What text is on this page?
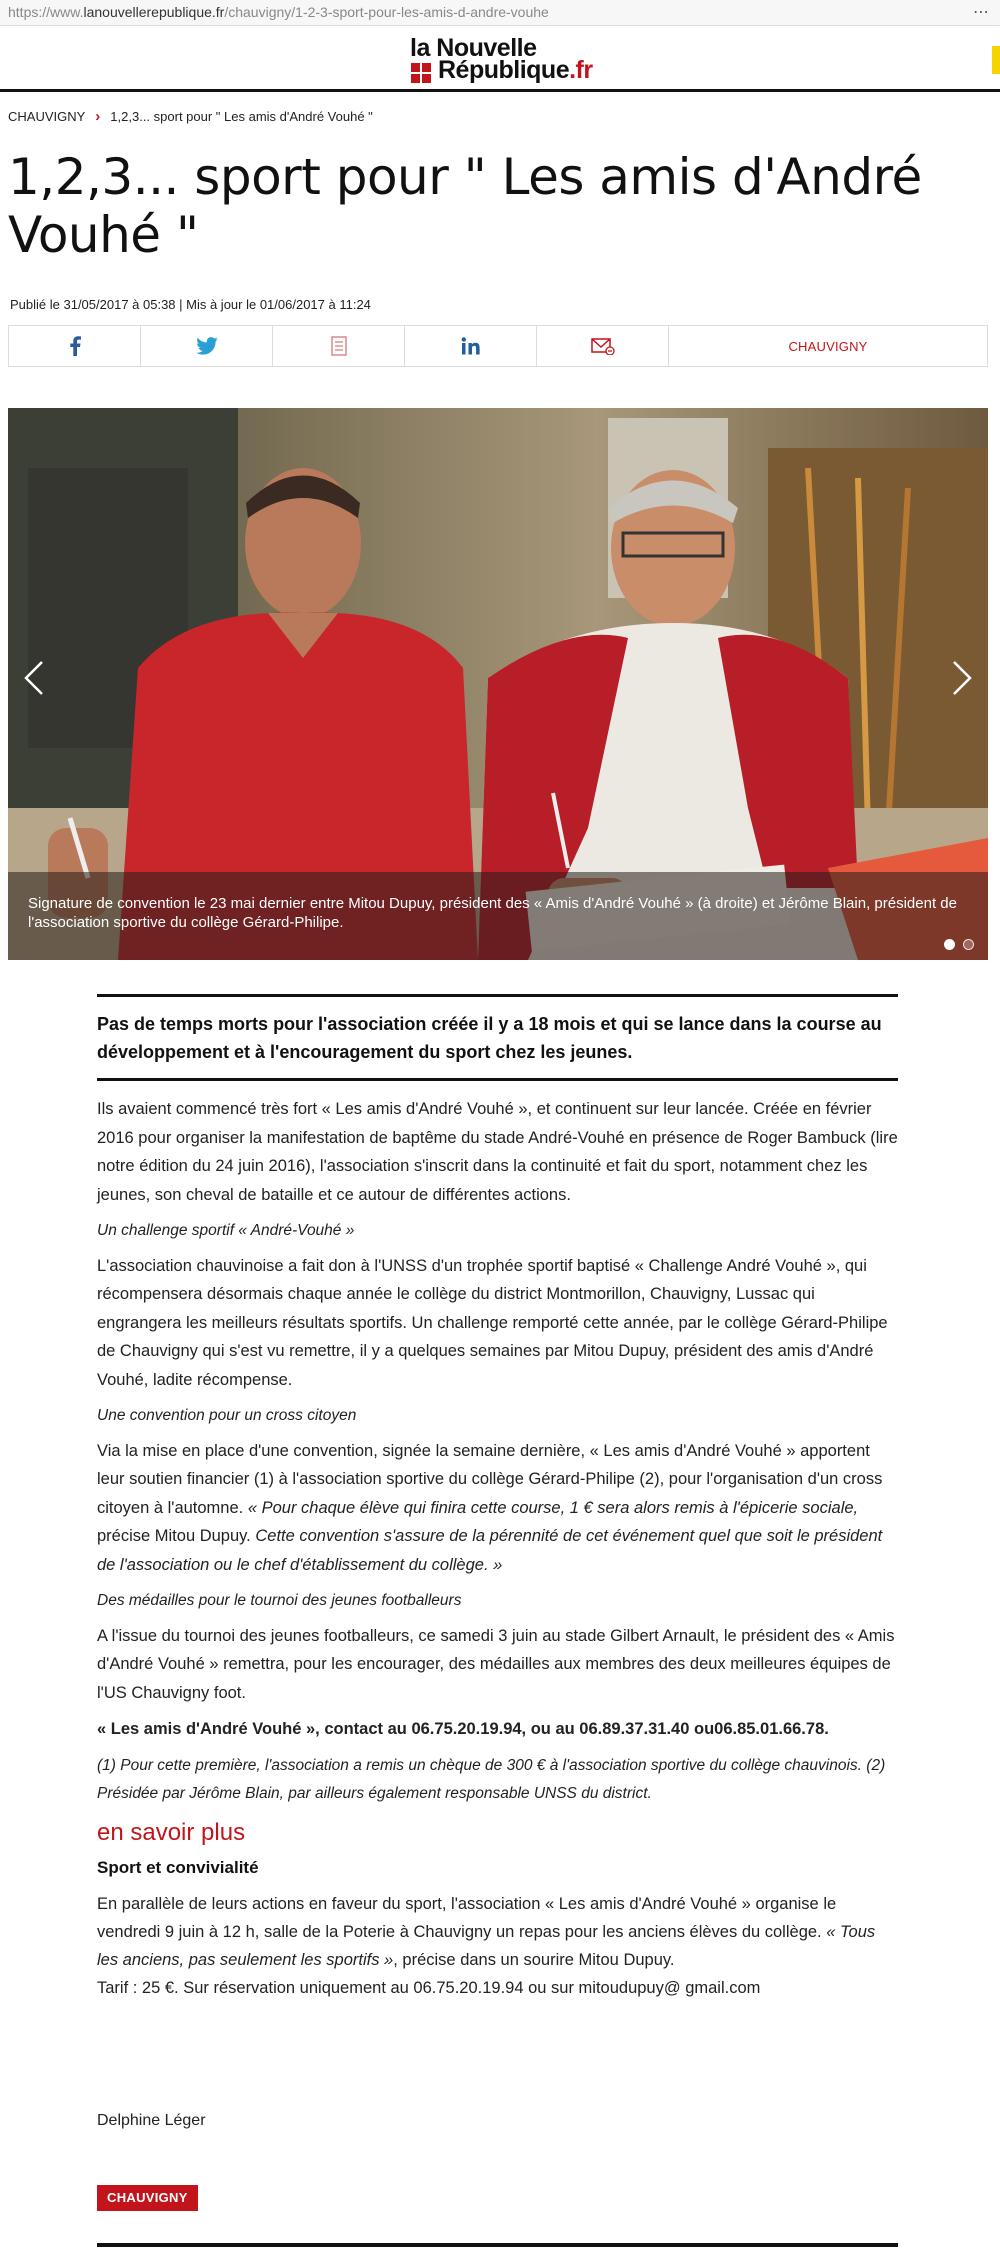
https://www.lanouvellerepublique.fr/chauvigny/1-2-3-sport-pour-les-amis-d-andre-vouhe	⋯
la Nouvelle
République.fr
CHAUVIGNY › 1,2,3... sport pour " Les amis d'André Vouhé "
1,2,3... sport pour " Les amis d'André Vouhé "
Publié le 31/05/2017 à 05:38 | Mis à jour le 01/06/2017 à 11:24
CHAUVIGNY

Signature de convention le 23 mai dernier entre Mitou Dupuy, président des « Amis d'André Vouhé » (à droite) et Jérôme Blain, président de l'association sportive du collège Gérard-Philipe.

Pas de temps morts pour l'association créée il y a 18 mois et qui se lance dans la course au développement et à l'encouragement du sport chez les jeunes.

Ils avaient commencé très fort « Les amis d'André Vouhé », et continuent sur leur lancée. Créée en février 2016 pour organiser la manifestation de baptême du stade André-Vouhé en présence de Roger Bambuck (lire notre édition du 24 juin 2016), l'association s'inscrit dans la continuité et fait du sport, notamment chez les jeunes, son cheval de bataille et ce autour de différentes actions.

Un challenge sportif « André-Vouhé »

L'association chauvinoise a fait don à l'UNSS d'un trophée sportif baptisé « Challenge André Vouhé », qui récompensera désormais chaque année le collège du district Montmorillon, Chauvigny, Lussac qui engrangera les meilleurs résultats sportifs. Un challenge remporté cette année, par le collège Gérard-Philipe de Chauvigny qui s'est vu remettre, il y a quelques semaines par Mitou Dupuy, président des amis d'André Vouhé, ladite récompense.

Une convention pour un cross citoyen

Via la mise en place d'une convention, signée la semaine dernière, « Les amis d'André Vouhé » apportent leur soutien financier (1) à l'association sportive du collège Gérard-Philipe (2), pour l'organisation d'un cross citoyen à l'automne. « Pour chaque élève qui finira cette course, 1 € sera alors remis à l'épicerie sociale, précise Mitou Dupuy. Cette convention s'assure de la pérennité de cet événement quel que soit le président de l'association ou le chef d'établissement du collège. »

Des médailles pour le tournoi des jeunes footballeurs

A l'issue du tournoi des jeunes footballeurs, ce samedi 3 juin au stade Gilbert Arnault, le président des « Amis d'André Vouhé » remettra, pour les encourager, des médailles aux membres des deux meilleures équipes de l'US Chauvigny foot.

« Les amis d'André Vouhé », contact au 06.75.20.19.94, ou au 06.89.37.31.40 ou06.85.01.66.78.

(1) Pour cette première, l'association a remis un chèque de 300 € à l'association sportive du collège chauvinois. (2) Présidée par Jérôme Blain, par ailleurs également responsable UNSS du district.

en savoir plus
Sport et convivialité
En parallèle de leurs actions en faveur du sport, l'association « Les amis d'André Vouhé » organise le vendredi 9 juin à 12 h, salle de la Poterie à Chauvigny un repas pour les anciens élèves du collège. « Tous les anciens, pas seulement les sportifs », précise dans un sourire Mitou Dupuy.
Tarif : 25 €. Sur réservation uniquement au 06.75.20.19.94 ou sur mitoudupuy@ gmail.com
Delphine Léger
CHAUVIGNY
